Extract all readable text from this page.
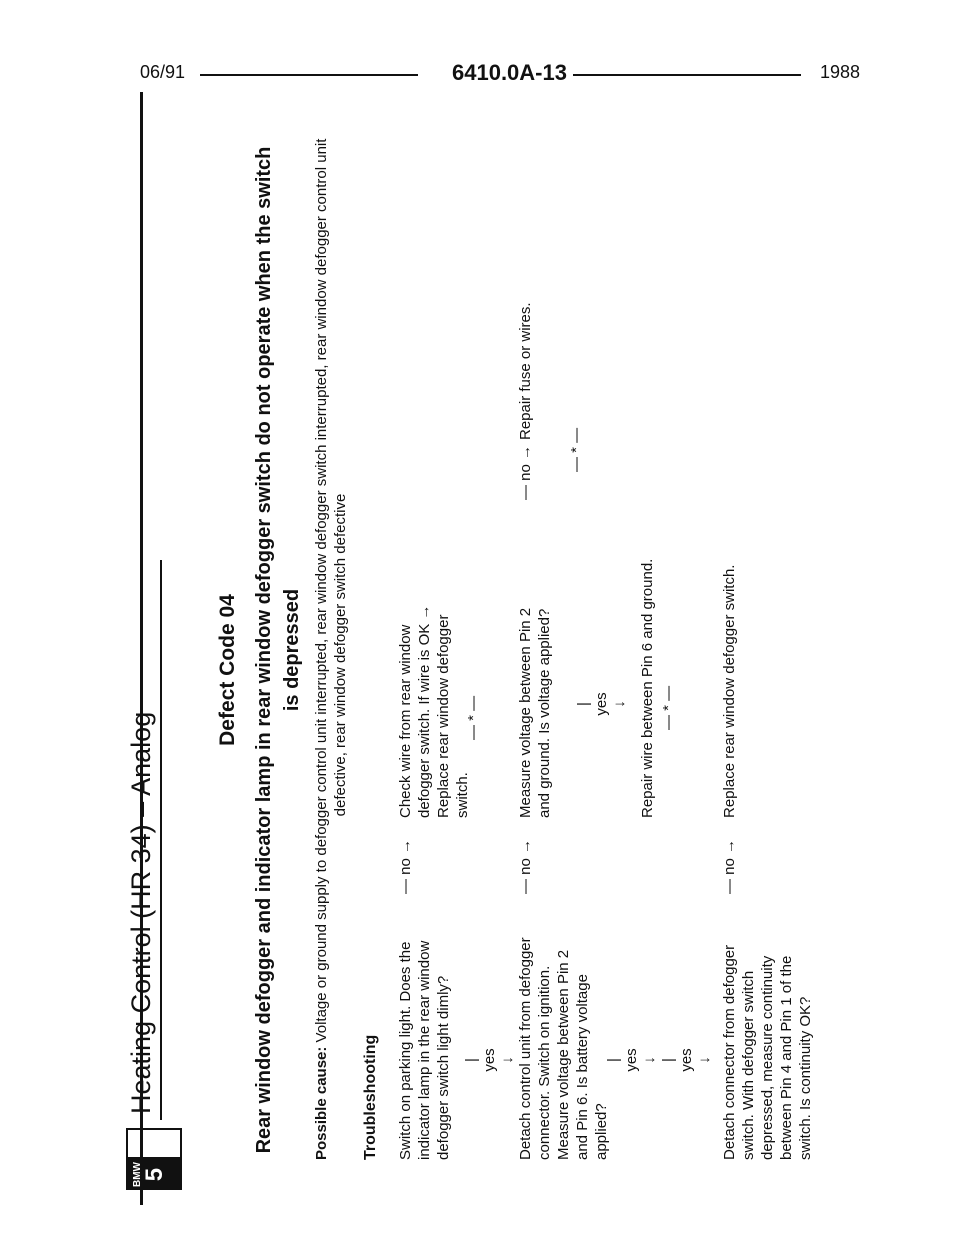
06/91	6410.0A-13	1988
BMW
5
Heating Control (HR 34) – Analog
Defect Code 04 Rear window defogger and indicator lamp in rear window defogger switch do not operate when the switch is depressed
Possible cause: Voltage or ground supply to defogger control unit interrupted, rear window defogger switch interrupted, rear window defogger control unit defective, rear window defogger switch defective
Troubleshooting Switch on parking light. Does the indicator lamp in the rear window defogger switch light dimly?
— no →
Check wire from rear window defogger switch. If wire is OK → Replace rear window defogger switch.
— * —
| yes ↓ Detach control unit from defogger connector. Switch on ignition. Measure voltage between Pin 2 and Pin 6. Is battery voltage applied?
— no →
Measure voltage between Pin 2 and ground. Is voltage applied?
— no →
Repair fuse or wires.
— * —
| yes ↓ Repair wire between Pin 6 and ground. — * —
| yes ↓ | yes ↓ Detach connector from defogger switch. With defogger switch depressed, measure continuity between Pin 4 and Pin 1 of the switch. Is continuity OK?
— no →
Replace rear window defogger switch.
